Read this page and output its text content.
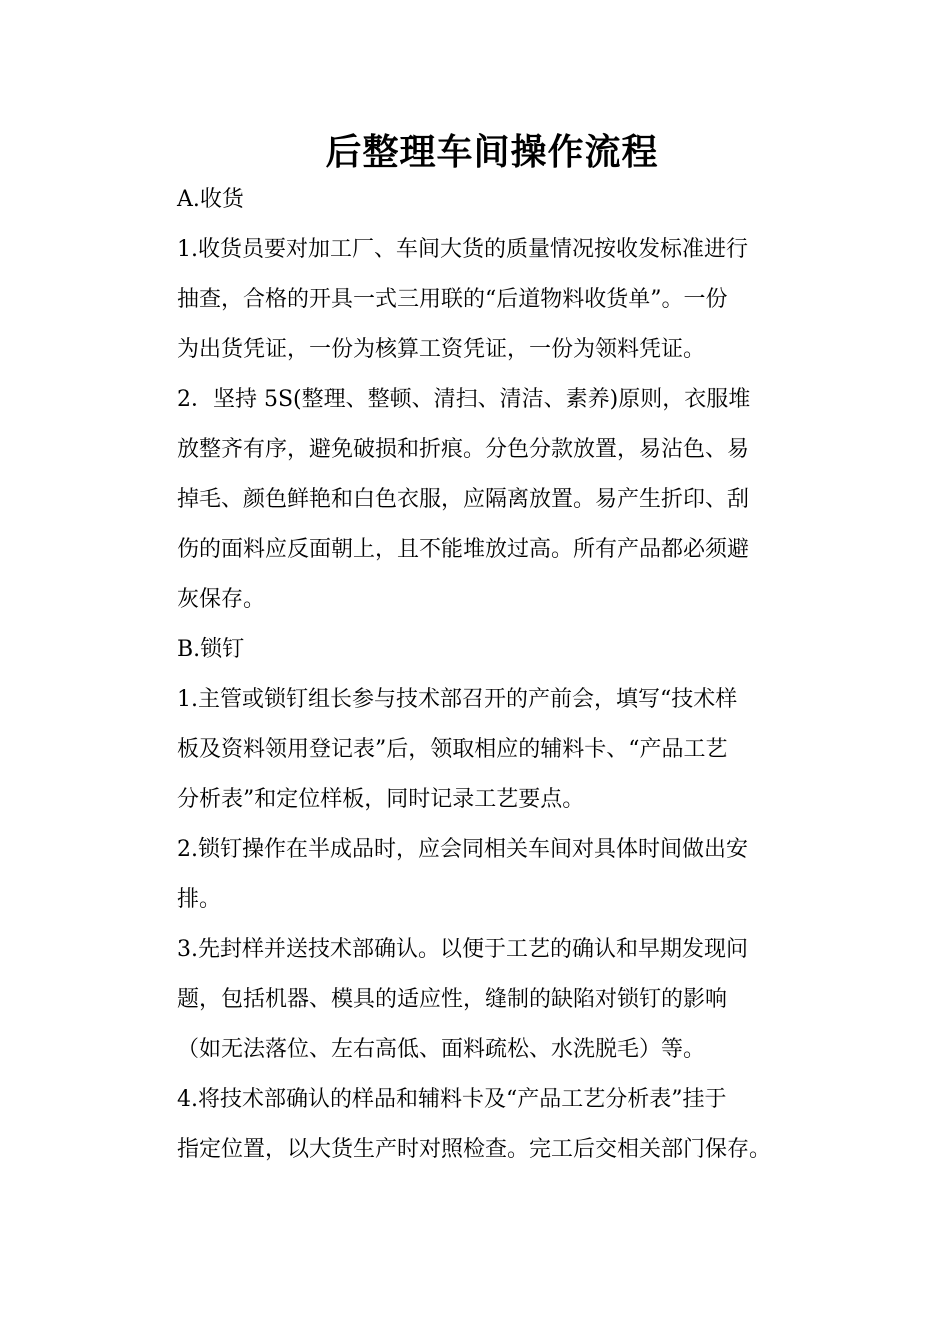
后整理车间操作流程
A.收货
1.收货员要对加工厂、车间大货的质量情况按收发标准进行
抽查，合格的开具一式三用联的“后道物料收货单”。一份
为出货凭证，一份为核算工资凭证，一份为领料凭证。
2．坚持 5S(整理、整顿、清扫、清洁、素养)原则，衣服堆
放整齐有序，避免破损和折痕。分色分款放置，易沾色、易
掉毛、颜色鲜艳和白色衣服，应隔离放置。易产生折印、刮
伤的面料应反面朝上，且不能堆放过高。所有产品都必须避
灰保存。
B.锁钉
1.主管或锁钉组长参与技术部召开的产前会，填写“技术样
板及资料领用登记表”后，领取相应的辅料卡、“产品工艺
分析表”和定位样板，同时记录工艺要点。
2.锁钉操作在半成品时，应会同相关车间对具体时间做出安
排。
3.先封样并送技术部确认。以便于工艺的确认和早期发现问
题，包括机器、模具的适应性，缝制的缺陷对锁钉的影响
（如无法落位、左右高低、面料疏松、水洗脱毛）等。
4.将技术部确认的样品和辅料卡及“产品工艺分析表”挂于
指定位置，以大货生产时对照检查。完工后交相关部门保存。
